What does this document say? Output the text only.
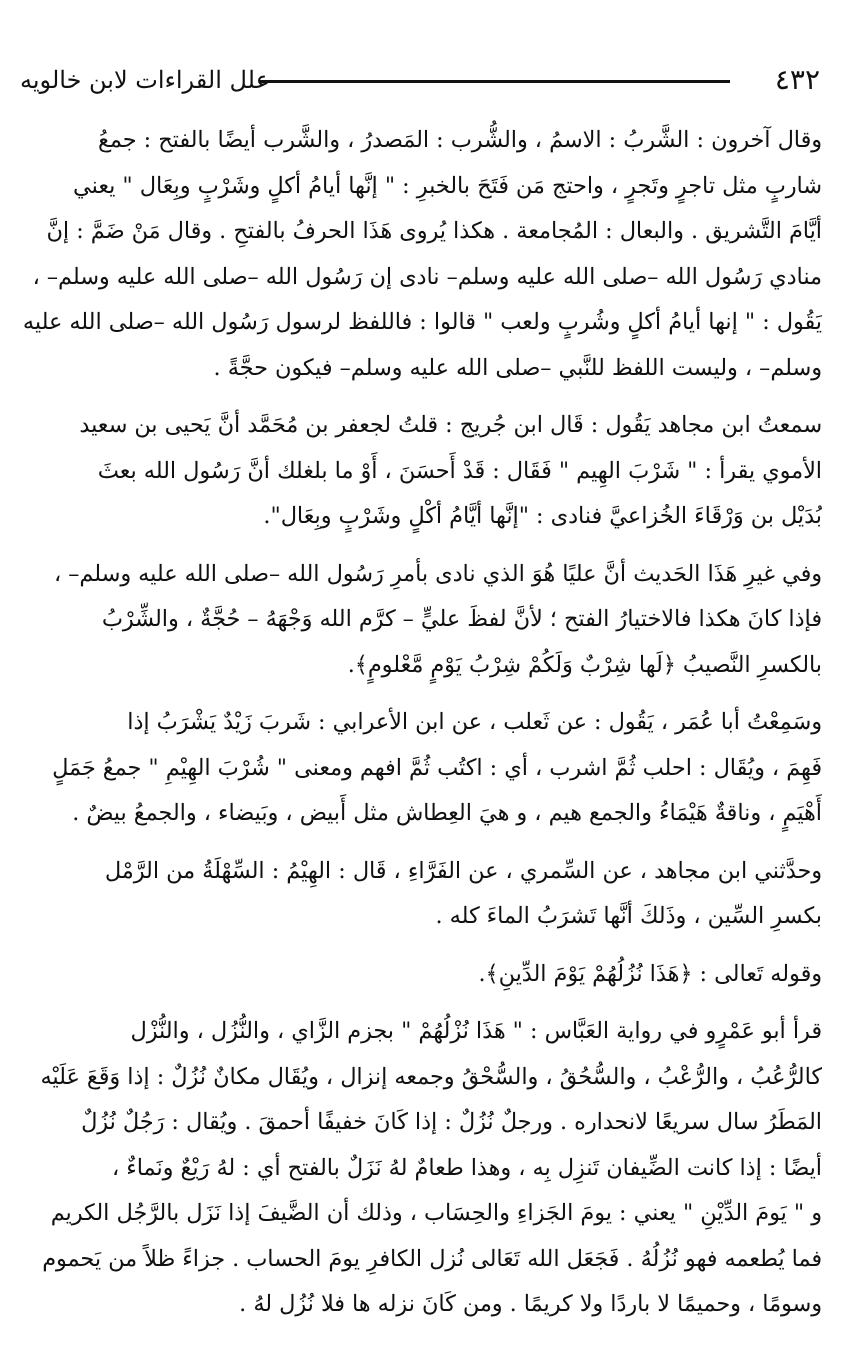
٤٣٢
علل القراءات لابن خالويه
وقال آخرون : الشَّربُ : الاسمُ ، والشُّرب : المَصدرُ ، والشَّرب أيضًا بالفتح : جمعُ
شاربٍ مثل تاجرٍ وتَجرٍ ، واحتج مَن فَتَحَ بالخبرِ : " إنَّها أيامُ أكلٍ وشَرْبٍ وبِعَال " يعني
أيَّامَ التَّشريق . والبعال : المُجامعة . هكذا يُروى هَذَا الحرفُ بالفتحِ . وقال مَنْ ضَمَّ : إنَّ
منادي رَسُول الله –صلى الله عليه وسلم– نادى إن رَسُول الله –صلى الله عليه وسلم– ،
يَقُول : " إنها أيامُ أكلٍ وشُربٍ ولعب " قالوا : فاللفظ لرسول رَسُول الله –صلى الله عليه
وسلم– ، وليست اللفظ للنَّبي –صلى الله عليه وسلم– فيكون حجَّةً .
سمعتُ ابن مجاهد يَقُول : قَال ابن جُريج : قلتُ لجعفر بن مُحَمَّد أنَّ يَحيى بن سعيد
الأموي يقرأ : " شَرْبَ الهِيم " فَقَال : قَدْ أَحسَنَ ، أَوْ ما بلغلك أنَّ رَسُول الله بعثَ
بُدَيْل بن وَرْقَاءَ الخُزاعيَّ فنادى : "إنَّها أيَّامُ أكْلٍ وشَرْبٍ وبِعَال".
وفي غيرِ هَذَا الحَديث أنَّ عليًا هُوَ الذي نادى بأمرِ رَسُول الله –صلى الله عليه وسلم– ،
فإذا كانَ هكذا فالاختيارُ الفتح ؛ لأنَّ لفظَ عليٍّ – كرَّم الله وَجْهَهُ – حُجَّةٌ ، والشِّرْبُ
بالكسرِ النَّصيبُ ﴿لَها شِرْبٌ وَلَكُمْ شِرْبُ يَوْمٍ مَّعْلومٍ﴾.
وسَمِعْتُ أبا عُمَر ، يَقُول : عن ثَعلب ، عن ابن الأعرابي : شَربَ زَيْدٌ يَشْرَبُ إذا
فَهِمَ ، ويُقَال : احلب ثُمَّ اشرب ، أي : اكتُب ثُمَّ افهم ومعنى " شُرْبَ الهِيْمِ " جمعُ جَمَلٍ
أَهْيَمٍ ، وناقةٌ هَيْمَاءُ والجمع هيم ، و هيَ العِطاش مثل أَبيض ، وبَيضاء ، والجمعُ بيضٌ .
وحدَّثني ابن مجاهد ، عن السِّمري ، عن الفَرَّاءِ ، قَال : الهِيْمُ : السِّهْلَةُ من الرَّمْل
بكسرِ السِّين ، وذَلكَ أنَّها تَشرَبُ الماءَ كله .
وقوله تَعالى : ﴿هَذَا نُزُلُهُمْ يَوْمَ الدِّينِ﴾.
قرأ أبو عَمْرٍو في رواية العَبَّاس : " هَذَا نُزْلُهُمْ " بجزم الزَّاي ، والنُّزُل ، والنُّزْل
كالرُّعُبُ ، والرُّعْبُ ، والسُّحُقُ ، والسُّحْقُ وجمعه إنزال ، ويُقَال مكانٌ نُزُلٌ : إذا وَقَعَ عَلَيْه
المَطَرُ سال سريعًا لانحداره . ورجلٌ نُزُلٌ : إذا كَانَ خفيفًا أحمقَ . ويُقال : رَجُلٌ نُزُلٌ
أيضًا : إذا كانت الضِّيفان تَنزِل بِه ، وهذا طعامٌ لهُ نَزَلٌ بالفتح أي : لهُ رَيْعٌ ونَماءٌ ،
و " يَومَ الدِّيْنِ " يعني : يومَ الجَزاءِ والحِسَاب ، وذلك أن الضَّيفَ إذا نَزَل بالرَّجُل الكريم
فما يُطعمه فهو نُزُلُهُ . فَجَعَل الله تَعَالى نُزل الكافرِ يومَ الحساب . جزاءً ظلاً من يَحموم
وسومًا ، وحميمًا لا باردًا ولا كريمًا . ومن كَانَ نزله ها فلا نُزُل لهُ .
